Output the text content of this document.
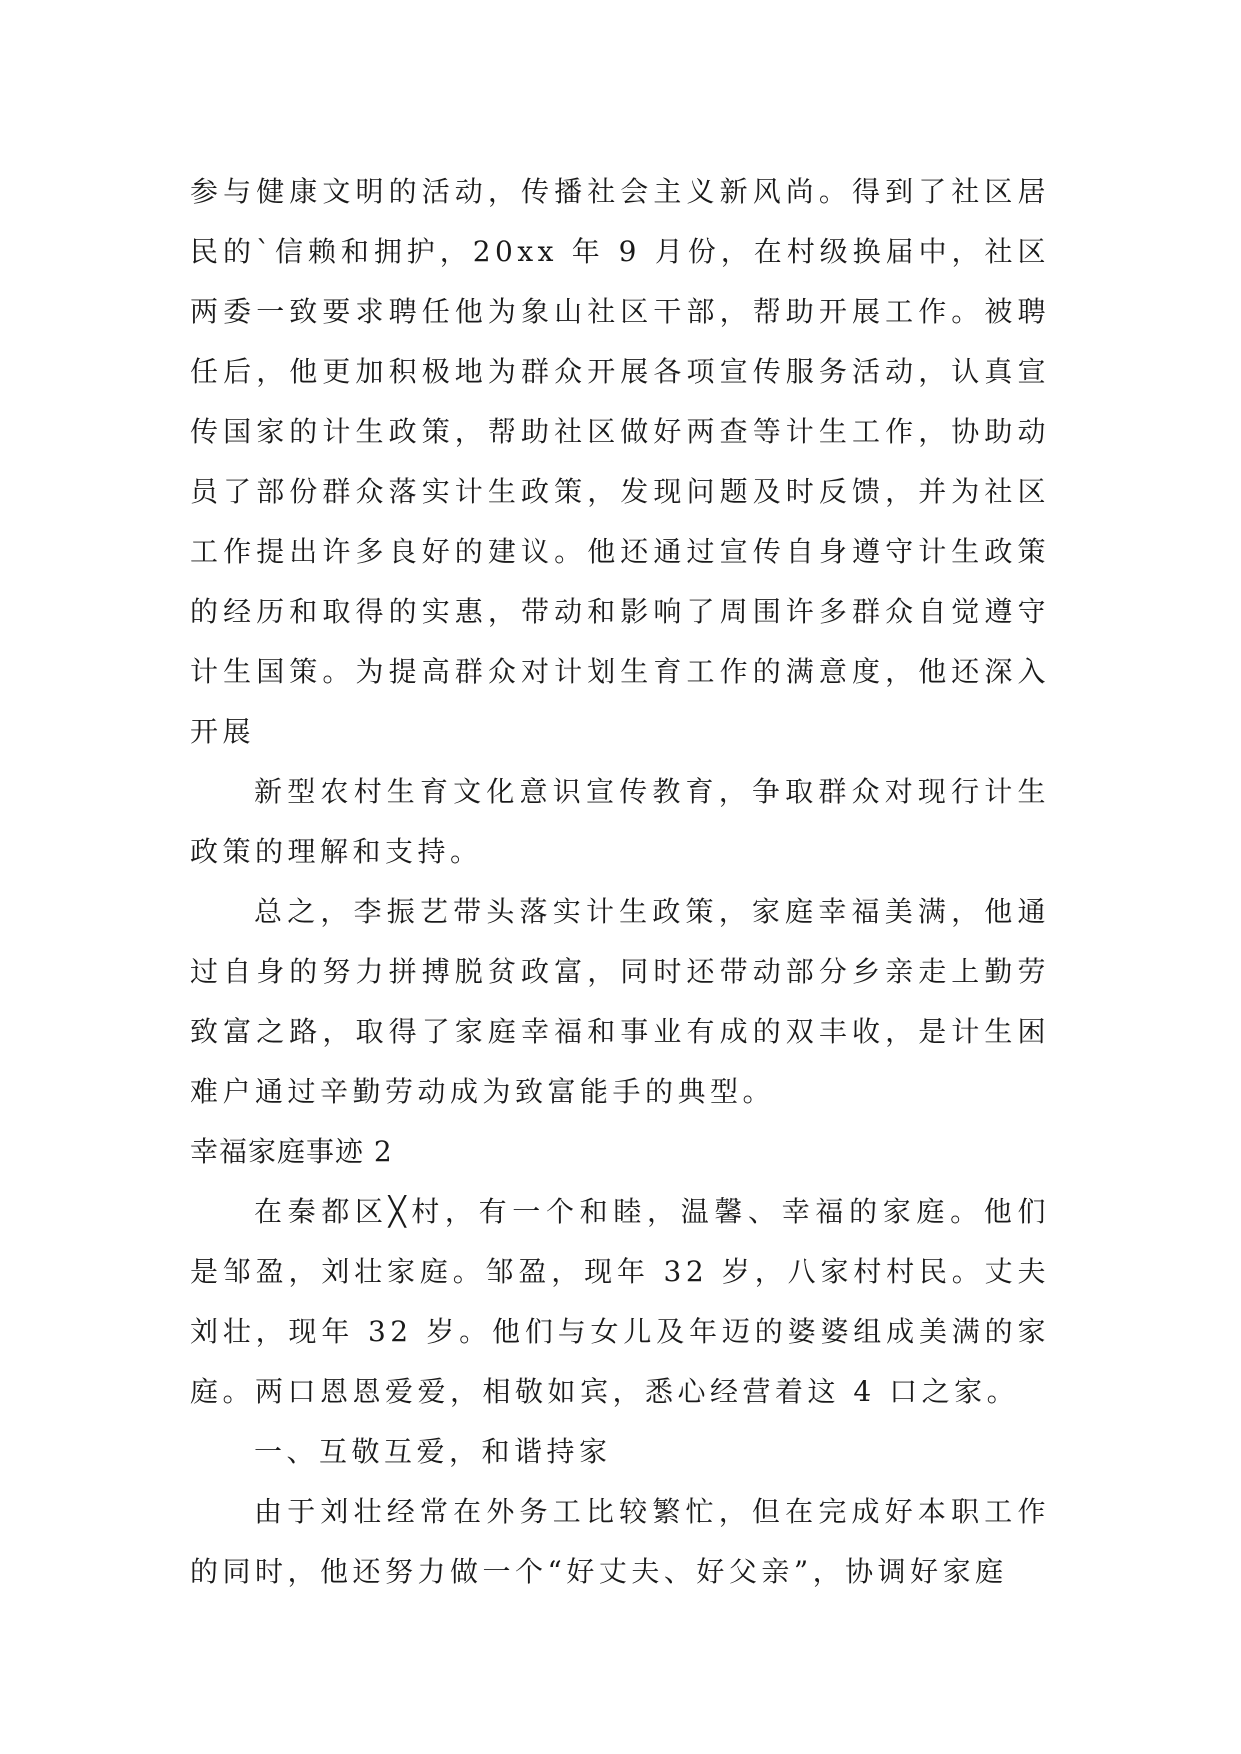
参与健康文明的活动，传播社会主义新风尚。得到了社区居民的`信赖和拥护，20xx 年 9 月份，在村级换届中，社区两委一致要求聘任他为象山社区干部，帮助开展工作。被聘任后，他更加积极地为群众开展各项宣传服务活动，认真宣传国家的计生政策，帮助社区做好两查等计生工作，协助动员了部份群众落实计生政策，发现问题及时反馈，并为社区工作提出许多良好的建议。他还通过宣传自身遵守计生政策的经历和取得的实惠，带动和影响了周围许多群众自觉遵守计生国策。为提高群众对计划生育工作的满意度，他还深入开展

新型农村生育文化意识宣传教育，争取群众对现行计生政策的理解和支持。

总之，李振艺带头落实计生政策，家庭幸福美满，他通过自身的努力拼搏脱贫政富，同时还带动部分乡亲走上勤劳致富之路，取得了家庭幸福和事业有成的双丰收，是计生困难户通过辛勤劳动成为致富能手的典型。

幸福家庭事迹 2

在秦都区╳村，有一个和睦，温馨、幸福的家庭。他们是邹盈，刘壮家庭。邹盈，现年 32 岁，八家村村民。丈夫刘壮，现年 32 岁。他们与女儿及年迈的婆婆组成美满的家庭。两口恩恩爱爱，相敬如宾，悉心经营着这 4 口之家。

一、互敬互爱，和谐持家

由于刘壮经常在外务工比较繁忙，但在完成好本职工作的同时，他还努力做一个“好丈夫、好父亲”，协调好家庭
